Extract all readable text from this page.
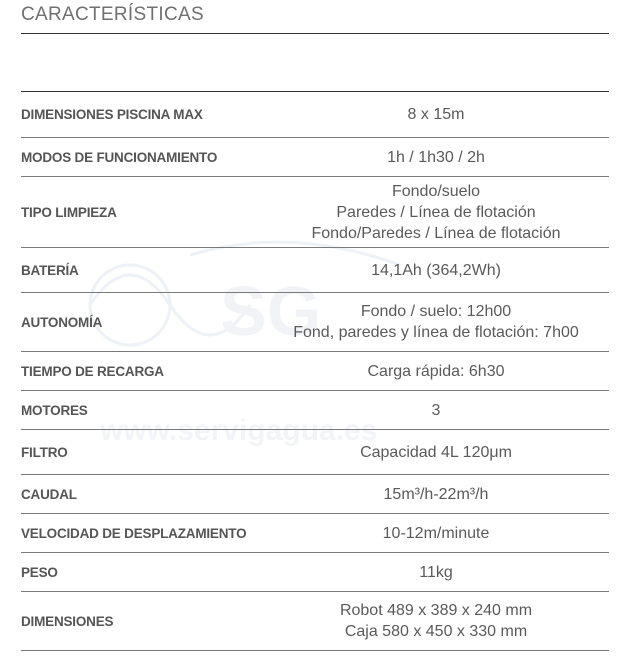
CARACTERÍSTICAS
SG
www.servigagua.es
DIMENSIONES PISCINA MAX	8 x 15m

MODOS DE FUNCIONAMIENTO	1h / 1h30 / 2h

TIPO LIMPIEZA	Fondo/suelo
Paredes / Línea de flotación
Fondo/Paredes / Línea de flotación

BATERÍA	14,1Ah (364,2Wh)

AUTONOMÍA	Fondo / suelo: 12h00
Fond, paredes y línea de flotación: 7h00

TIEMPO DE RECARGA	Carga rápida: 6h30

MOTORES	3

FILTRO	Capacidad 4L 120μm

CAUDAL	15m³/h-22m³/h

VELOCIDAD DE DESPLAZAMIENTO	10-12m/minute

PESO	11kg

DIMENSIONES	Robot 489 x 389 x 240 mm
Caja 580 x 450 x 330 mm
